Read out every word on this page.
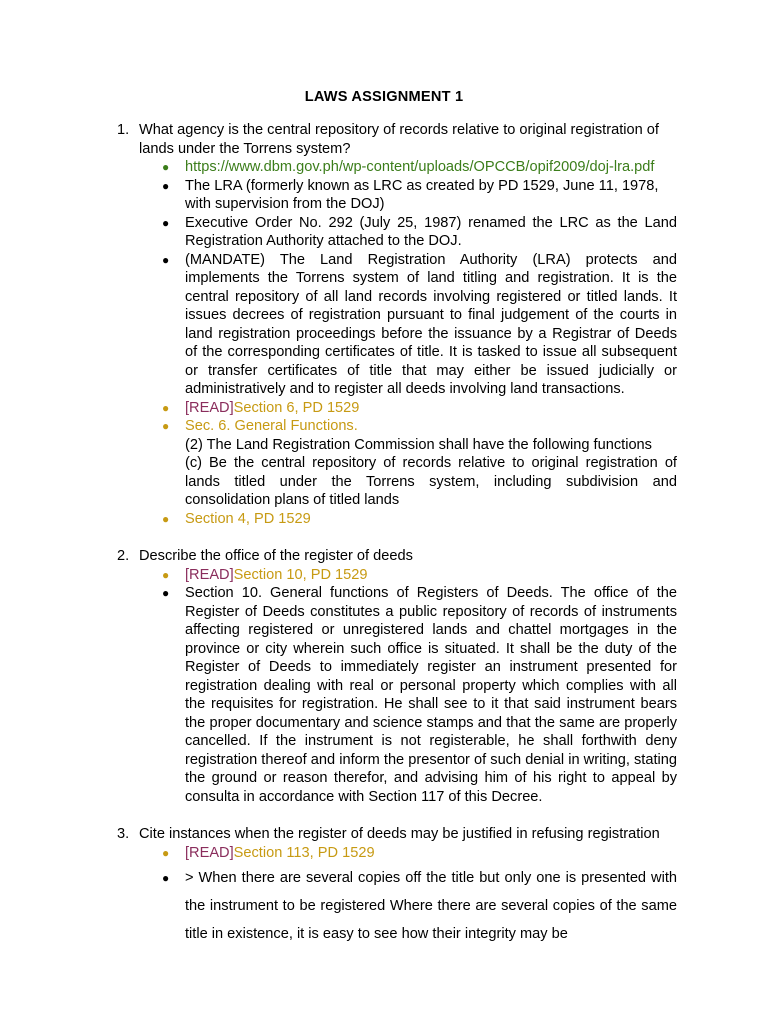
LAWS ASSIGNMENT 1
1. What agency is the central repository of records relative to original registration of lands under the Torrens system?
● https://www.dbm.gov.ph/wp-content/uploads/OPCCB/opif2009/doj-lra.pdf
● The LRA (formerly known as LRC as created by PD 1529, June 11, 1978, with supervision from the DOJ)
● Executive Order No. 292 (July 25, 1987) renamed the LRC as the Land Registration Authority attached to the DOJ.
● (MANDATE) The Land Registration Authority (LRA) protects and implements the Torrens system of land titling and registration. It is the central repository of all land records involving registered or titled lands. It issues decrees of registration pursuant to final judgement of the courts in land registration proceedings before the issuance by a Registrar of Deeds of the corresponding certificates of title. It is tasked to issue all subsequent or transfer certificates of title that may either be issued judicially or administratively and to register all deeds involving land transactions.
● [READ]Section 6, PD 1529
● Sec. 6. General Functions.
(2) The Land Registration Commission shall have the following functions
(c) Be the central repository of records relative to original registration of lands titled under the Torrens system, including subdivision and consolidation plans of titled lands
● Section 4, PD 1529
2. Describe the office of the register of deeds
● [READ]Section 10, PD 1529
● Section 10. General functions of Registers of Deeds. The office of the Register of Deeds constitutes a public repository of records of instruments affecting registered or unregistered lands and chattel mortgages in the province or city wherein such office is situated. It shall be the duty of the Register of Deeds to immediately register an instrument presented for registration dealing with real or personal property which complies with all the requisites for registration. He shall see to it that said instrument bears the proper documentary and science stamps and that the same are properly cancelled. If the instrument is not registerable, he shall forthwith deny registration thereof and inform the presentor of such denial in writing, stating the ground or reason therefor, and advising him of his right to appeal by consulta in accordance with Section 117 of this Decree.
3. Cite instances when the register of deeds may be justified in refusing registration
● [READ]Section 113, PD 1529
● > When there are several copies off the title but only one is presented with the instrument to be registered Where there are several copies of the same title in existence, it is easy to see how their integrity may be
